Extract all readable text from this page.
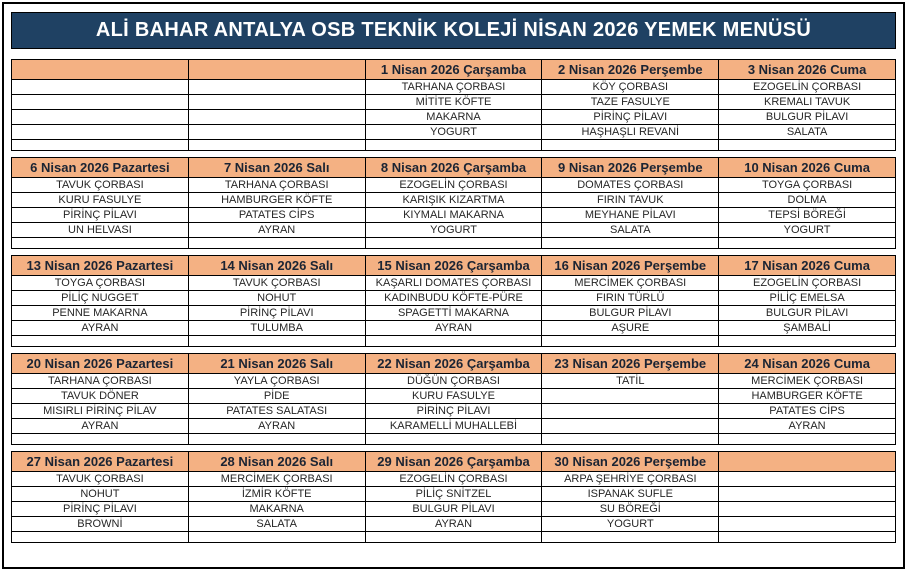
ALİ BAHAR ANTALYA OSB TEKNİK KOLEJİ NİSAN 2026 YEMEK MENÜSÜ
		1 Nisan 2026 Çarşamba	2 Nisan 2026 Perşembe	3 Nisan 2026 Cuma
		TARHANA ÇORBASI	KÖY ÇORBASI	EZOGELİN ÇORBASI
		MİTİTE KÖFTE	TAZE FASULYE	KREMALI TAVUK
		MAKARNA	PİRİNÇ PİLAVI	BULGUR PİLAVI
		YOGURT	HAŞHAŞLI REVANİ	SALATA

6 Nisan 2026 Pazartesi	7 Nisan 2026 Salı	8 Nisan 2026 Çarşamba	9 Nisan 2026 Perşembe	10 Nisan 2026 Cuma
TAVUK ÇORBASI	TARHANA ÇORBASI	EZOGELİN ÇORBASI	DOMATES ÇORBASI	TOYGA ÇORBASI
KURU FASULYE	HAMBURGER KÖFTE	KARIŞIK KIZARTMA	FIRIN TAVUK	DOLMA
PİRİNÇ PİLAVI	PATATES CİPS	KIYMALI MAKARNA	MEYHANE PİLAVI	TEPSİ BÖREĞİ
UN HELVASI	AYRAN	YOGURT	SALATA	YOGURT

13 Nisan 2026 Pazartesi	14 Nisan 2026 Salı	15 Nisan 2026 Çarşamba	16 Nisan 2026 Perşembe	17 Nisan 2026 Cuma
TOYGA ÇORBASI	TAVUK ÇORBASI	KAŞARLI DOMATES ÇORBASI	MERCİMEK ÇORBASI	EZOGELİN ÇORBASI
PİLİÇ NUGGET	NOHUT	KADINBUDU KÖFTE-PÜRE	FIRIN TÜRLÜ	PİLİÇ EMELSA
PENNE MAKARNA	PİRİNÇ PİLAVI	SPAGETTİ MAKARNA	BULGUR PİLAVI	BULGUR PİLAVI
AYRAN	TULUMBA	AYRAN	AŞURE	ŞAMBALİ

20 Nisan 2026 Pazartesi	21 Nisan 2026 Salı	22 Nisan 2026 Çarşamba	23 Nisan 2026 Perşembe	24 Nisan 2026 Cuma
TARHANA ÇORBASI	YAYLA ÇORBASI	DÜĞÜN ÇORBASI	TATİL	MERCİMEK ÇORBASI
TAVUK DÖNER	PİDE	KURU FASULYE		HAMBURGER KÖFTE
MISIRLI PİRİNÇ PİLAV	PATATES SALATASI	PİRİNÇ PİLAVI		PATATES CİPS
AYRAN	AYRAN	KARAMELLİ MUHALLEBİ		AYRAN

27 Nisan 2026 Pazartesi	28 Nisan 2026 Salı	29 Nisan 2026 Çarşamba	30 Nisan 2026 Perşembe	
TAVUK ÇORBASI	MERCİMEK ÇORBASI	EZOGELİN ÇORBASI	ARPA ŞEHRİYE ÇORBASI	
NOHUT	İZMİR KÖFTE	PİLİÇ SNİTZEL	ISPANAK SUFLE	
PİRİNÇ PİLAVI	MAKARNA	BULGUR PİLAVI	SU BÖREĞİ	
BROWNİ	SALATA	AYRAN	YOGURT	
